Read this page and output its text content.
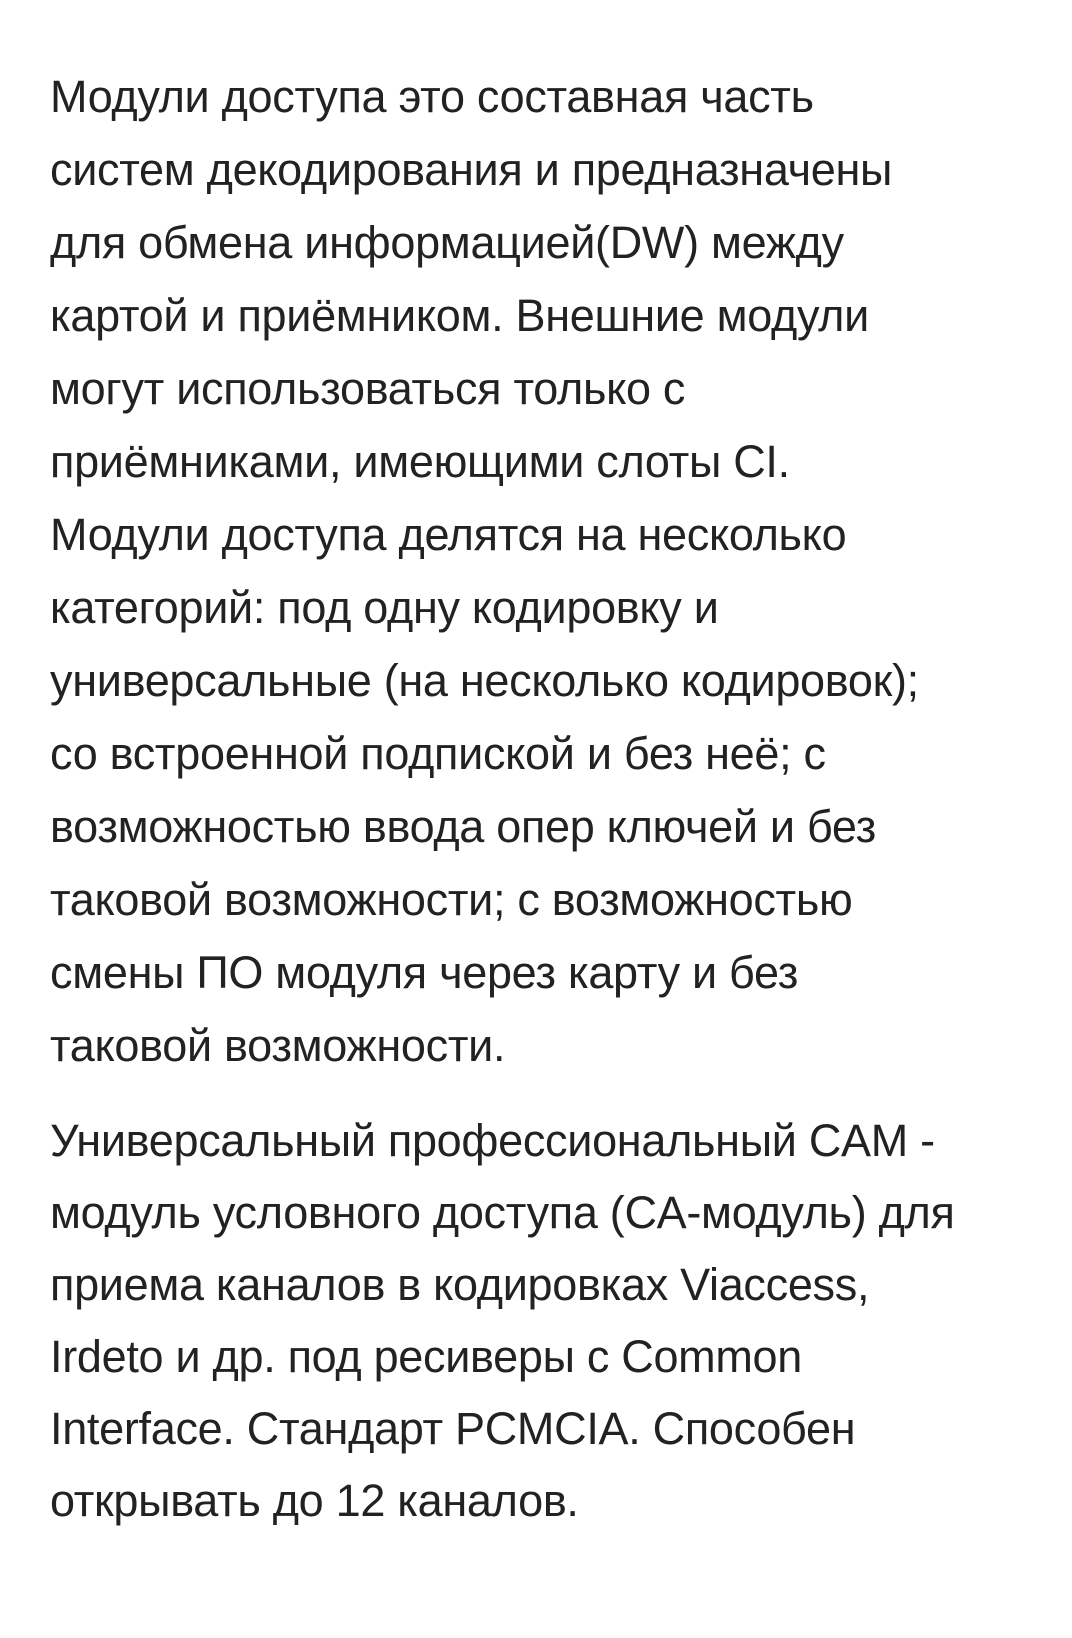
Модули доступа это составная часть
систем декодирования и предназначены
для обмена информацией(DW) между
картой и приёмником. Внешние модули
могут использоваться только с
приёмниками, имеющими слоты CI.
Модули доступа делятся на несколько
категорий: под одну кодировку и
универсальные (на несколько кодировок);
со встроенной подпиской и без неё; с
возможностью ввода опер ключей и без
таковой возможности; с возможностью
смены ПО модуля через карту и без
таковой возможности.

Универсальный профессиональный CAM -
модуль условного доступа (CA-модуль) для
приема каналов в кодировках Viaccess,
Irdeto и др. под ресиверы с Common
Interface. Стандарт PCMCIA. Способен
открывать до 12 каналов.
